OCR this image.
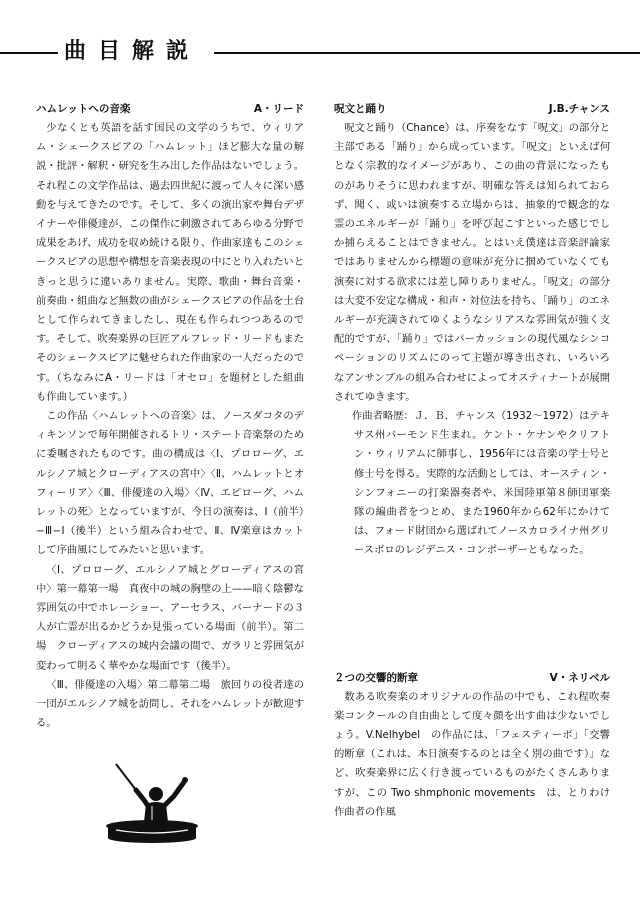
曲目解説
ハムレットへの音楽	A・リード

少なくとも英語を話す国民の文学のうちで、ウィリアム・シェークスピアの「ハムレット」ほど膨大な量の解説・批評・解釈・研究を生み出した作品はないでしょう。それ程この文学作品は、過去四世紀に渡って人々に深い感動を与えてきたのです。そして、多くの演出家や舞台デザイナーや俳優達が、この傑作に刺激されてあらゆる分野で成果をあげ、成功を収め続ける限り、作曲家達もこのシェークスピアの思想や構想を音楽表現の中にとり入れたいときっと思うに違いありません。実際、歌曲・舞台音楽・前奏曲・組曲など無数の曲がシェークスピアの作品を土台として作られてきましたし、現在も作られつつあるのです。そして、吹奏楽界の巨匠アルフレッド・リードもまたそのシェークスピアに魅せられた作曲家の一人だったのです。（ちなみにA・リードは「オセロ」を題材とした組曲も作曲しています。）

この作品〈ハムレットへの音楽〉は、ノースダコタのディキンソンで毎年開催されるトリ・ステート音楽祭のために委嘱されたものです。曲の構成は〈Ⅰ、プロローグ、エルシノア城とクローディアスの宮中〉〈Ⅱ、ハムレットとオフィーリア〉〈Ⅲ、俳優達の入場〉〈Ⅳ、エピローグ、ハムレットの死〉となっていますが、今日の演奏は、Ⅰ（前半）−Ⅲ−Ⅰ（後半）という組み合わせで、Ⅱ、Ⅳ楽章はカットして序曲風にしてみたいと思います。

〈Ⅰ、プロローグ、エルシノア城とグローディアスの宮中〉第一幕第一場　真夜中の城の胸壁の上——暗く陰鬱な雰囲気の中でホレーショー、アーセラス、バーナードの３人が亡霊が出るかどうか見張っている場面（前半）。第二場　クローディアスの城内会議の間で、ガラリと雰囲気が変わって明るく華やかな場面です（後半）。

〈Ⅲ、俳優達の入場〉第二幕第二場　旅回りの役者達の一団がエルシノア城を訪問し、それをハムレットが歓迎する。

呪文と踊り	J.B.チャンス

呪文と踊り（Chance）は、序奏をなす「呪文」の部分と主部である「踊り」から成っています。「呪文」といえば何となく宗教的なイメージがあり、この曲の背景になったものがありそうに思われますが、明確な答えは知られておらず、聞く、或いは演奏する立場からは、抽象的で観念的な霊のエネルギーが「踊り」を呼び起こすといった感じでしか捕らえることはできません。とはいえ僕達は音楽評論家ではありませんから標題の意味が充分に掴めていなくても演奏に対する欲求には差し障りありません。「呪文」の部分は大変不安定な構成・和声・対位法を持ち、「踊り」のエネルギーが充満されてゆくようなシリアスな雰囲気が強く支配的ですが、「踊り」ではパーカッションの現代風なシンコペーションのリズムにのって主題が導き出され、いろいろなアンサンブルの組み合わせによってオスティナートが展開されてゆきます。

作曲者略歴：Ｊ．Ｂ．チャンス（1932〜1972）はテキサス州バーモンド生まれ。ケント・ケナンやクリフトン・ウィリアムに師事し、1956年には音楽の学士号と修士号を得る。実際的な活動としては、オースティン・シンフォニーの打楽器奏者や、米国陸軍第８師団軍楽隊の編曲者をつとめ、また1960年から62年にかけては、フォード財団から選ばれてノースカロライナ州グリースボロのレジデニス・コンポーザーともなった。

２つの交響的断章	V・ネリベル

数ある吹奏楽のオリジナルの作品の中でも、これ程吹奏楽コンクールの自由曲として度々顔を出す曲は少ないでしょう。V.Nelhybel　の作品には、「フェスティーボ」「交響的断章（これは、本日演奏するのとは全く別の曲です）」など、吹奏楽界に広く行き渡っているものがたくさんありますが、この Two shmphonic movements　は、とりわけ作曲者の作風
